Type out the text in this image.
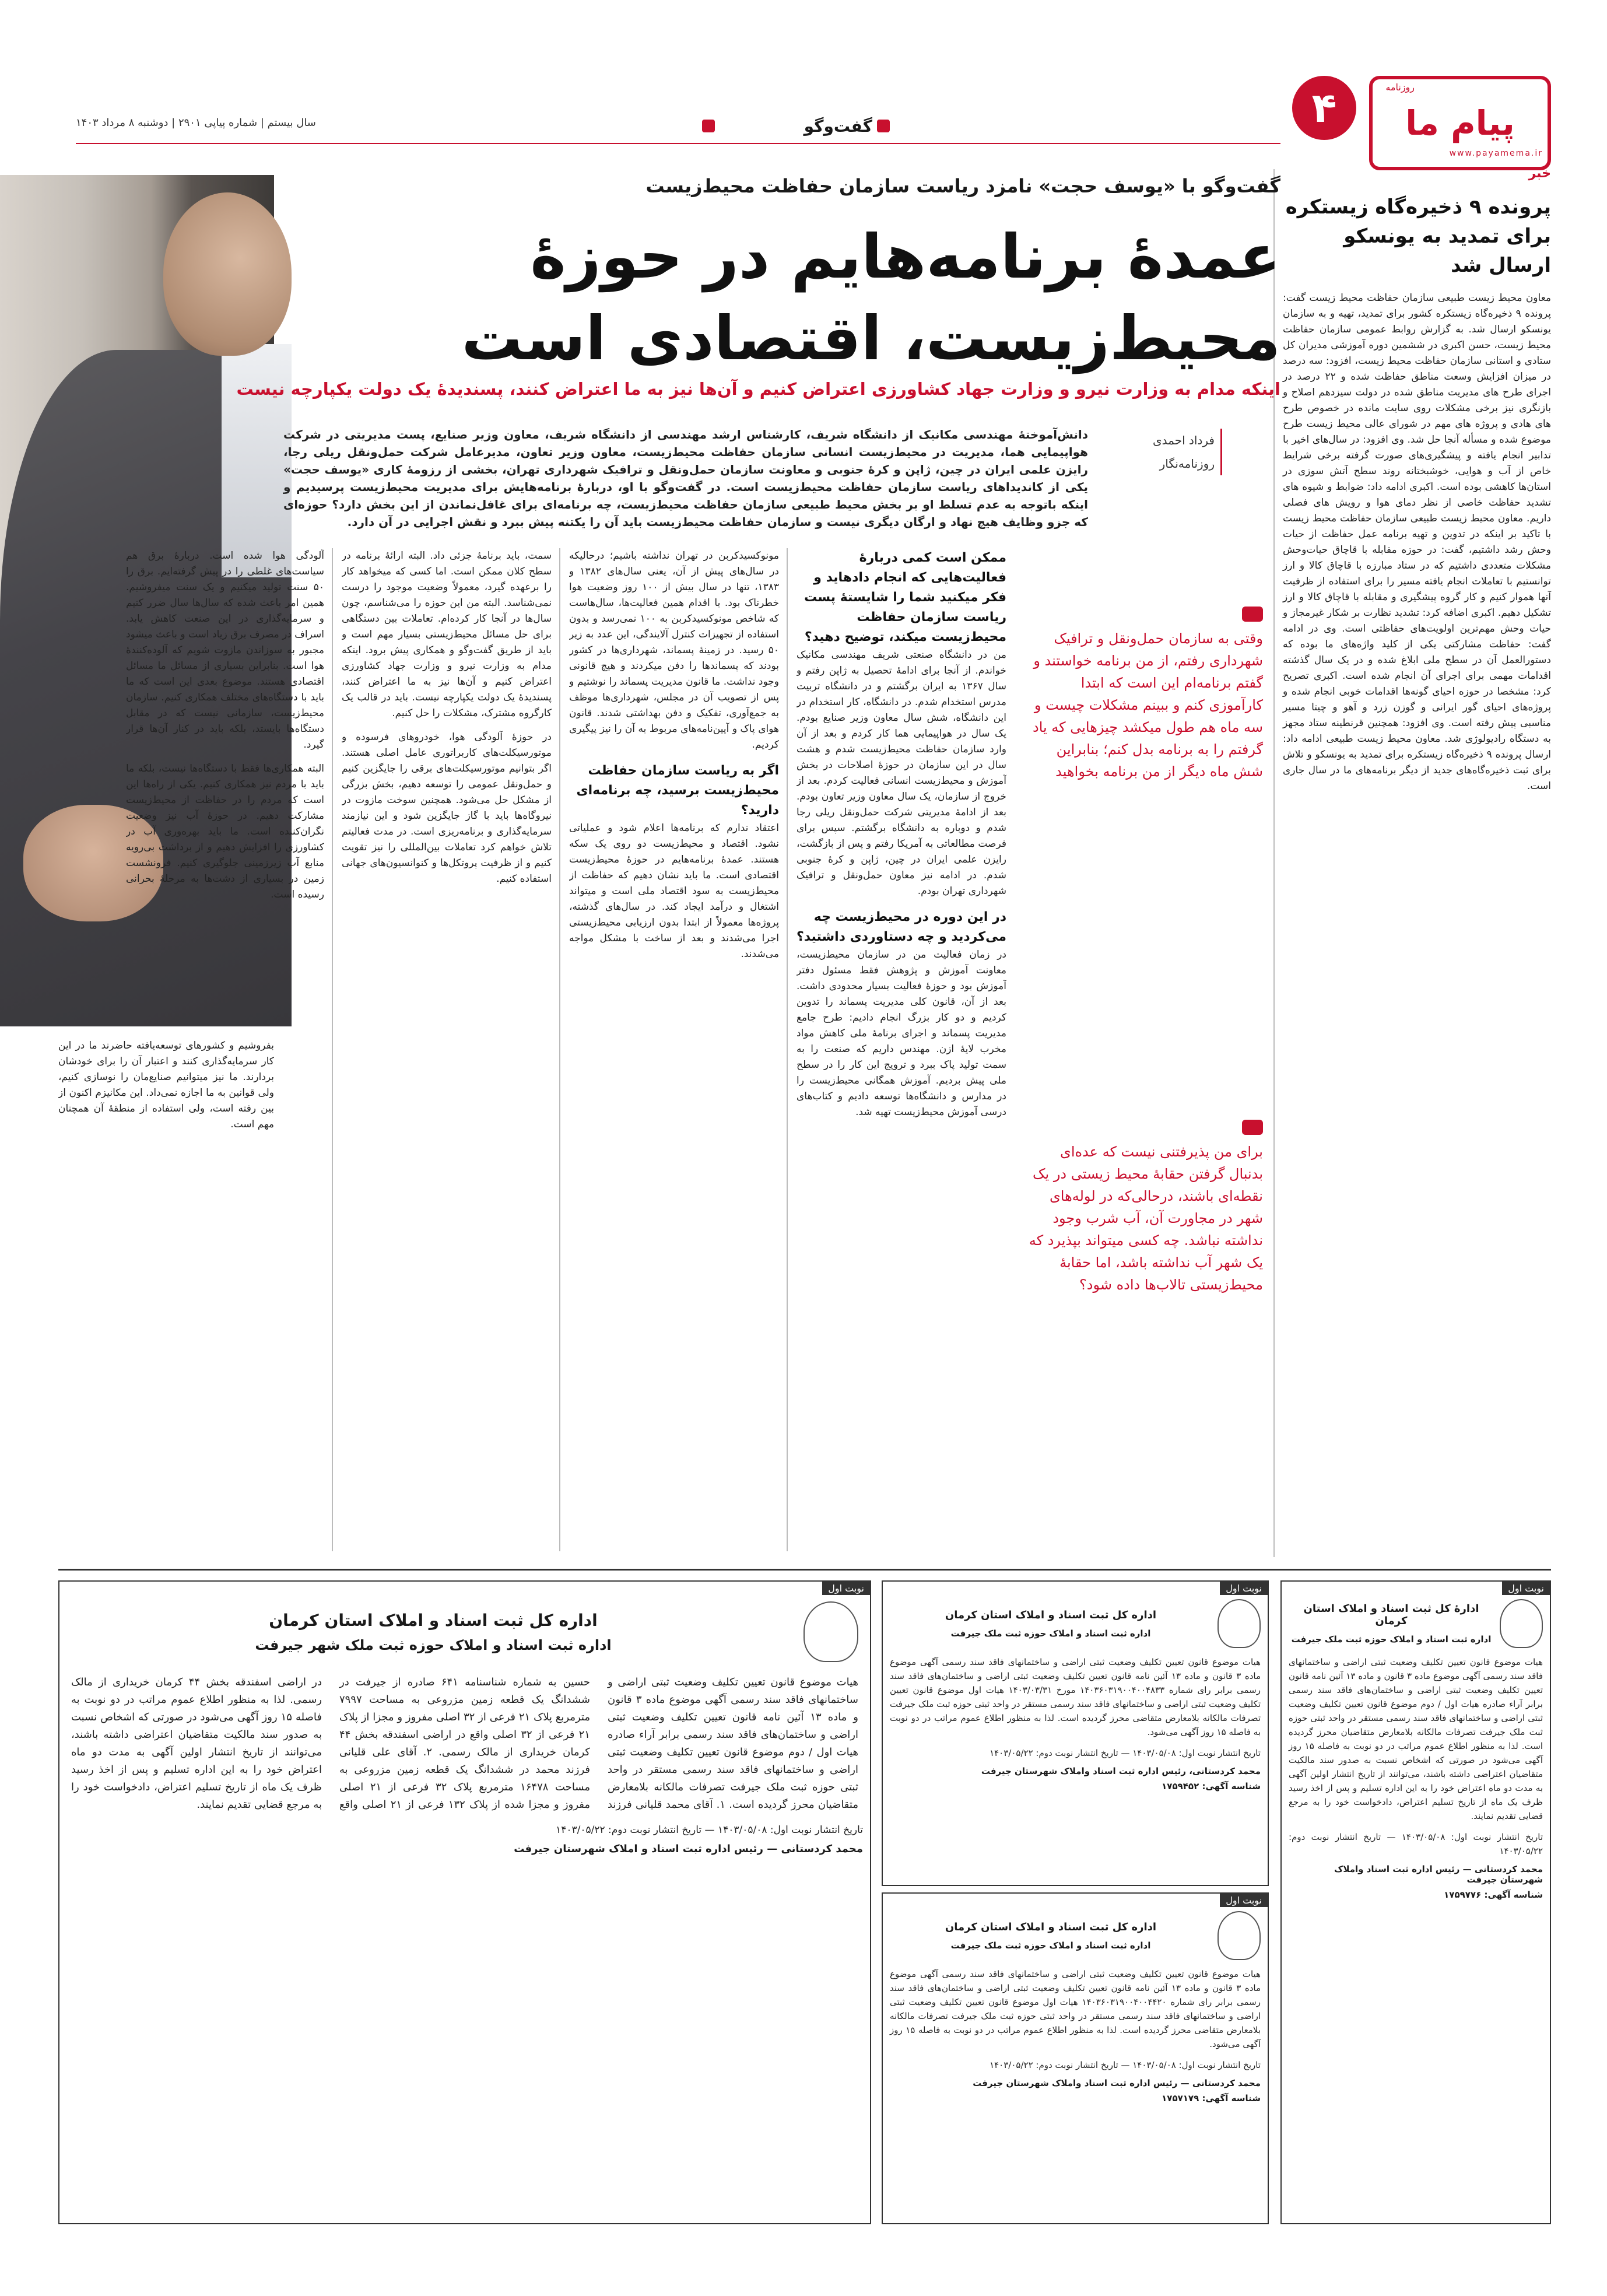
پیام ما
روزنامه
www.payamema.ir
۴
گفت‌وگو
سال بیستم | شماره پیاپی ۲۹۰۱ | دوشنبه ۸ مرداد ۱۴۰۳
خبر
پرونده ۹ ذخیره‌گاه زیستکره برای تمدید به یونسکو ارسال شد
معاون محیط زیست طبیعی سازمان حفاظت محیط زیست گفت: پرونده ۹ ذخیره‌گاه زیستکره کشور برای تمدید، تهیه و به سازمان یونسکو ارسال شد. به گزارش روابط عمومی سازمان حفاظت محیط زیست، حسن اکبری در ششمین دوره آموزشی مدیران کل ستادی و استانی سازمان حفاظت محیط زیست، افزود: سه درصد در میزان افزایش وسعت مناطق حفاظت شده و ۲۲ درصد در اجرای طرح های مدیریت مناطق شده در دولت سیزدهم اصلاح و بازنگری نیز برخی مشکلات روی سایت مانده در خصوص طرح های هادی و پروژه های مهم در شورای عالی محیط زیست طرح موضوع شده و مسأله آنجا حل شد. وی افزود: در سال‌های اخیر با تدابیر انجام یافته و پیشگیری‌های صورت گرفته برخی شرایط خاص از آب و هوایی، خوشبختانه روند سطح آتش سوزی در استان‌ها کاهشی بوده است. اکبری ادامه داد: ضوابط و شیوه های تشدید حفاظت خاصی از نظر دمای هوا و رویش های فصلی داریم. معاون محیط زیست طبیعی سازمان حفاظت محیط زیست با تاکید بر اینکه در تدوین و تهیه برنامه عمل حفاظت از حیات وحش رشد داشتیم، گفت: در حوزه مقابله با قاچاق حیات‌وحش مشکلات متعددی داشتیم که در ستاد مبارزه با قاچاق کالا و ارز توانستیم با تعاملات انجام یافته مسیر را برای استفاده از ظرفیت آنها هموار کنیم و کار گروه پیشگیری و مقابله با قاچاق کالا و ارز تشکیل دهیم. اکبری اضافه کرد: تشدید نظارت بر شکار غیرمجاز و حیات وحش مهم‌ترین اولویت‌های حفاظتی است. وی در ادامه گفت: حفاظت مشارکتی یکی از کلید واژه‌های ما بوده که دستورالعمل آن در سطح ملی ابلاغ شده و در یک سال گذشته اقدامات مهمی برای اجرای آن انجام شده است. اکبری تصریح کرد: مشخصا در حوزه احیای گونه‌ها اقدامات خوبی انجام شده و پروژه‌های احیای گور ایرانی و گوزن زرد و آهو و چیتا مسیر مناسبی پیش رفته است. وی افزود: همچنین قرنطینه ستاد مجهز به دستگاه رادیولوژی شد. معاون محیط زیست طبیعی ادامه داد: ارسال پرونده ۹ ذخیره‌گاه زیستکره برای تمدید به یونسکو و تلاش برای ثبت ذخیره‌گاه‌های جدید از دیگر برنامه‌های ما در سال جاری است.
گفت‌وگو با «یوسف حجت» نامزد ریاست سازمان حفاظت محیط‌زیست
عمدهٔ برنامه‌هایم در حوزهٔ محیط‌زیست، اقتصادی است
اینکه مدام به وزارت نیرو و وزارت جهاد کشاورزی اعتراض کنیم و آن‌ها نیز به ما اعتراض کنند، پسندیدهٔ یک دولت یکپارچه نیست
فرداد احمدی
روزنامه‌نگار
دانش‌آموختهٔ مهندسی مکانیک از دانشگاه شریف، کارشناس ارشد مهندسی از دانشگاه شریف، معاون وزیر صنایع، پست مدیریتی در شرکت هواپیمایی هما، مدیریت در محیط‌زیست انسانی سازمان حفاظت محیط‌زیست، معاون وزیر تعاون، مدیرعامل شرکت حمل‌ونقل ریلی رجا، رایزن علمی ایران در چین، ژاپن و کرهٔ جنوبی و معاونت سازمان حمل‌ونقل و ترافیک شهرداری تهران، بخشی از رزومهٔ کاری «یوسف حجت» یکی از کاندیداهای ریاست سازمان حفاظت محیط‌زیست است. در گفت‌وگو با او، دربارهٔ برنامه‌هایش برای مدیریت محیط‌زیست پرسیدیم و اینکه باتوجه به عدم تسلط او بر بخش محیط طبیعی سازمان حفاظت محیط‌زیست، چه برنامه‌ای برای غافل‌نماندن از این بخش دارد؟ حوزه‌ای که جزو وظایف هیچ نهاد و ارگان دیگری نیست و سازمان حفاظت محیط‌زیست باید آن را یکتنه پیش ببرد و نقش اجرایی در آن دارد.
وقتی به سازمان حمل‌ونقل و ترافیک شهرداری رفتم، از من برنامه خواستند و گفتم برنامه‌ام این است که ابتدا کارآموزی کنم و ببینم مشکلات چیست و سه ماه هم طول میکشد چیزهایی که یاد گرفتم را به برنامه بدل کنم؛ بنابراین شش ماه دیگر از من برنامه بخواهید
برای من پذیرفتنی نیست که عده‌ای بدنبال گرفتن حقابهٔ محیط زیستی در یک نقطه‌ای باشند، درحالی‌که در لوله‌های شهر در مجاورت آن، آب شرب وجود نداشته نباشد. چه کسی میتواند بپذیرد که یک شهر آب نداشته باشد، اما حقابهٔ محیط‌زیستی تالاب‌ها داده شود؟
ممکن است کمی دربارهٔ فعالیت‌هایی که انجام دادهاید و فکر میکنید شما را شایستهٔ پست ریاست سازمان حفاظت محیط‌زیست میکند، توضیح دهید؟
من در دانشگاه صنعتی شریف مهندسی مکانیک خواندم. از آنجا برای ادامهٔ تحصیل به ژاپن رفتم و سال ۱۳۶۷ به ایران برگشتم و در دانشگاه تربیت مدرس استخدام شدم. در دانشگاه، کار استخدام در این دانشگاه، شش سال معاون وزیر صنایع بودم. یک سال در هواپیمایی هما کار کردم و بعد از آن وارد سازمان حفاظت محیط‌زیست شدم و هشت سال در این سازمان در حوزهٔ اصلاحات در بخش آموزش و محیط‌زیست انسانی فعالیت کردم. بعد از خروج از سازمان، یک سال معاون وزیر تعاون بودم. بعد از ادامهٔ مدیریتی شرکت حمل‌ونقل ریلی رجا شدم و دوباره به دانشگاه برگشتم. سپس برای فرصت مطالعاتی به آمریکا رفتم و پس از بازگشت، رایزن علمی ایران در چین، ژاپن و کرهٔ جنوبی شدم. در ادامه نیز معاون حمل‌ونقل و ترافیک شهرداری تهران بودم.
در این دوره در محیط‌زیست چه می‌کردید و چه دستاوردی داشتید؟
در زمان فعالیت من در سازمان محیط‌زیست، معاونت آموزش و پژوهش فقط مسئول دفتر آموزش بود و حوزهٔ فعالیت بسیار محدودی داشت. بعد از آن، قانون کلی مدیریت پسماند را تدوین کردیم و دو کار بزرگ انجام دادیم: طرح جامع مدیریت پسماند و اجرای برنامهٔ ملی کاهش مواد مخرب لایهٔ ازن. مهندس داریم که صنعت را به سمت تولید پاک ببرد و ترویج این کار را در سطح ملی پیش بردیم. آموزش همگانی محیط‌زیست را در مدارس و دانشگاه‌ها توسعه دادیم و کتاب‌های درسی آموزش محیط‌زیست تهیه شد.
مونوکسیدکربن در تهران نداشته باشیم؛ درحالیکه در سال‌های پیش از آن، یعنی سال‌های ۱۳۸۲ و ۱۳۸۳، تنها در سال بیش از ۱۰۰ روز وضعیت هوا خطرناک بود. با اقدام همین فعالیت‌ها، سال‌هاست که شاخص مونوکسیدکربن به ۱۰۰ نمی‌رسد و بدون استفاده از تجهیزات کنترل آلایندگی، این عدد به زیر ۵۰ رسید. در زمینهٔ پسماند، شهرداری‌ها در کشور بودند که پسماندها را دفن میکردند و هیچ قانونی وجود نداشت. ما قانون مدیریت پسماند را نوشتیم و پس از تصویب آن در مجلس، شهرداری‌ها موظف به جمع‌آوری، تفکیک و دفن بهداشتی شدند. قانون هوای پاک و آیین‌نامه‌های مربوط به آن را نیز پیگیری کردیم.
اگر به ریاست سازمان حفاظت محیط‌زیست برسید، چه برنامه‌ای دارید؟
اعتقاد ندارم که برنامه‌ها اعلام شود و عملیاتی نشود. اقتصاد و محیط‌زیست دو روی یک سکه هستند. عمدهٔ برنامه‌هایم در حوزهٔ محیط‌زیست اقتصادی است. ما باید نشان دهیم که حفاظت از محیط‌زیست به سود اقتصاد ملی است و میتواند اشتغال و درآمد ایجاد کند. در سال‌های گذشته، پروژه‌ها معمولاً از ابتدا بدون ارزیابی محیط‌زیستی اجرا می‌شدند و بعد از ساخت با مشکل مواجه می‌شدند.
سمت، باید برنامهٔ جزئی داد. البته ارائهٔ برنامه در سطح کلان ممکن است. اما کسی که میخواهد کار را برعهده گیرد، معمولاً وضعیت موجود را درست نمی‌شناسد. البته من این حوزه را می‌شناسم، چون سال‌ها در آنجا کار کرده‌ام. تعاملات بین دستگاهی برای حل مسائل محیط‌زیستی بسیار مهم است و باید از طریق گفت‌وگو و همکاری پیش برود. اینکه مدام به وزارت نیرو و وزارت جهاد کشاورزی اعتراض کنیم و آن‌ها نیز به ما اعتراض کنند، پسندیدهٔ یک دولت یکپارچه نیست. باید در قالب یک کارگروه مشترک، مشکلات را حل کنیم.
در حوزهٔ آلودگی هوا، خودروهای فرسوده و موتورسیکلت‌های کاربراتوری عامل اصلی هستند. اگر بتوانیم موتورسیکلت‌های برقی را جایگزین کنیم و حمل‌ونقل عمومی را توسعه دهیم، بخش بزرگی از مشکل حل می‌شود. همچنین سوخت مازوت در نیروگاه‌ها باید با گاز جایگزین شود و این نیازمند سرمایه‌گذاری و برنامه‌ریزی است. در مدت فعالیتم تلاش خواهم کرد تعاملات بین‌المللی را نیز تقویت کنیم و از ظرفیت پروتکل‌ها و کنوانسیون‌های جهانی استفاده کنیم.
آلودگی هوا شده است. دربارهٔ برق هم سیاست‌های غلطی را در پیش گرفته‌ایم. برق را ۵۰ سنت تولید میکنیم و یک سنت میفروشیم. همین امر باعث شده که سال‌ها سال ضرر کنیم و سرمایه‌گذاری در این صنعت کاهش یابد. اسراف در مصرف برق زیاد است و باعث میشود مجبور به سوزاندن مازوت شویم که آلوده‌کنندهٔ هوا است. بنابراین بسیاری از مسائل ما مسائل اقتصادی هستند. موضوع بعدی این است که ما باید با دستگاه‌های مختلف همکاری کنیم. سازمان محیط‌زیست، سازمانی نیست که در مقابل دستگاه‌ها بایستد، بلکه باید در کنار آن‌ها قرار گیرد.
البته همکاری‌ها فقط با دستگاه‌ها نیست، بلکه ما باید با مردم نیز همکاری کنیم. یکی از راه‌ها این است که مردم را در حفاظت از محیط‌زیست مشارکت دهیم. در حوزهٔ آب نیز وضعیت نگران‌کننده است. ما باید بهره‌وری آب در کشاورزی را افزایش دهیم و از برداشت بی‌رویه منابع آب زیرزمینی جلوگیری کنیم. فرونشست زمین در بسیاری از دشت‌ها به مرحلهٔ بحرانی رسیده است.
بفروشیم و کشورهای توسعه‌یافته حاضرند ما در این کار سرمایه‌گذاری کنند و اعتبار آن را برای خودشان بردارند. ما نیز میتوانیم صنایع‌مان را نوسازی کنیم، ولی قوانین به ما اجازه نمی‌داد. این مکانیزم اکنون از بین رفته است، ولی استفاده از منطقهٔ آن همچنان مهم است.
نوبت اول
ادارهٔ کل ثبت اسناد و املاک استان کرمان
اداره ثبت اسناد و املاک حوزه ثبت ملک جیرفت
هیات موضوع قانون تعیین تکلیف وضعیت ثبتی اراضی و ساختمانهای فاقد سند رسمی آگهی موضوع ماده ۳ قانون و ماده ۱۳ آئین نامه قانون تعیین تکلیف وضعیت ثبتی اراضی و ساختمان‌های فاقد سند رسمی برابر آراء صادره هیات اول / دوم موضوع قانون تعیین تکلیف وضعیت ثبتی اراضی و ساختمانهای فاقد سند رسمی مستقر در واحد ثبتی حوزه ثبت ملک جیرفت تصرفات مالکانه بلامعارض متقاضیان محرز گردیده است. لذا به منظور اطلاع عموم مراتب در دو نوبت به فاصله ۱۵ روز آگهی می‌شود در صورتی که اشخاص نسبت به صدور سند مالکیت متقاضیان اعتراضی داشته باشند، می‌توانند از تاریخ انتشار اولین آگهی به مدت دو ماه اعتراض خود را به این اداره تسلیم و پس از اخذ رسید ظرف یک ماه از تاریخ تسلیم اعتراض، دادخواست خود را به مرجع قضایی تقدیم نمایند.
تاریخ انتشار نوبت اول: ۱۴۰۳/۰۵/۰۸ — تاریخ انتشار نوبت دوم: ۱۴۰۳/۰۵/۲۲
محمد کردستانی — رئیس اداره ثبت اسناد واملاک شهرستان جیرفت
شناسه آگهی: ۱۷۵۹۷۷۶
نوبت اول
اداره کل ثبت اسناد و املاک استان کرمان
اداره ثبت اسناد و املاک حوزه ثبت ملک جیرفت
هیات موضوع قانون تعیین تکلیف وضعیت ثبتی اراضی و ساختمانهای فاقد سند رسمی آگهی موضوع ماده ۳ قانون و ماده ۱۳ آئین نامه قانون تعیین تکلیف وضعیت ثبتی اراضی و ساختمان‌های فاقد سند رسمی برابر رای شماره ۱۴۰۳۶۰۳۱۹۰۰۴۰۰۴۸۳۳ مورخ ۱۴۰۳/۰۳/۳۱ هیات اول موضوع قانون تعیین تکلیف وضعیت ثبتی اراضی و ساختمانهای فاقد سند رسمی مستقر در واحد ثبتی حوزه ثبت ملک جیرفت تصرفات مالکانه بلامعارض متقاضی محرز گردیده است. لذا به منظور اطلاع عموم مراتب در دو نوبت به فاصله ۱۵ روز آگهی می‌شود.
تاریخ انتشار نوبت اول: ۱۴۰۳/۰۵/۰۸ — تاریخ انتشار نوبت دوم: ۱۴۰۳/۰۵/۲۲
محمد کردستانی، رئیس اداره ثبت اسناد واملاک شهرستان جیرفت
شناسه آگهی: ۱۷۵۹۴۵۲
نوبت اول
اداره کل ثبت اسناد و املاک استان کرمان
اداره ثبت اسناد و املاک حوزه ثبت ملک جیرفت
هیات موضوع قانون تعیین تکلیف وضعیت ثبتی اراضی و ساختمانهای فاقد سند رسمی آگهی موضوع ماده ۳ قانون و ماده ۱۳ آئین نامه قانون تعیین تکلیف وضعیت ثبتی اراضی و ساختمان‌های فاقد سند رسمی برابر رای شماره ۱۴۰۳۶۰۳۱۹۰۰۴۰۰۴۴۲۰ هیات اول موضوع قانون تعیین تکلیف وضعیت ثبتی اراضی و ساختمانهای فاقد سند رسمی مستقر در واحد ثبتی حوزه ثبت ملک جیرفت تصرفات مالکانه بلامعارض متقاضی محرز گردیده است. لذا به منظور اطلاع عموم مراتب در دو نوبت به فاصله ۱۵ روز آگهی می‌شود.
تاریخ انتشار نوبت اول: ۱۴۰۳/۰۵/۰۸ — تاریخ انتشار نوبت دوم: ۱۴۰۳/۰۵/۲۲
محمد کردستانی — رئیس اداره ثبت اسناد واملاک شهرستان جیرفت
شناسه آگهی: ۱۷۵۷۱۷۹
نوبت اول
اداره کل ثبت اسناد و املاک استان کرمان
اداره ثبت اسناد و املاک حوزه ثبت ملک شهر جیرفت
هیات موضوع قانون تعیین تکلیف وضعیت ثبتی اراضی و ساختمانهای فاقد سند رسمی آگهی موضوع ماده ۳ قانون و ماده ۱۳ آئین نامه قانون تعیین تکلیف وضعیت ثبتی اراضی و ساختمان‌های فاقد سند رسمی برابر آراء صادره هیات اول / دوم موضوع قانون تعیین تکلیف وضعیت ثبتی اراضی و ساختمانهای فاقد سند رسمی مستقر در واحد ثبتی حوزه ثبت ملک جیرفت تصرفات مالکانه بلامعارض متقاضیان محرز گردیده است. ۱. آقای محمد قلیانی فرزند حسین به شماره شناسنامه ۶۴۱ صادره از جیرفت در ششدانگ یک قطعه زمین مزروعی به مساحت ۷۹۹۷ مترمربع پلاک ۲۱ فرعی از ۳۲ اصلی مفروز و مجزا از پلاک ۲۱ فرعی از ۳۲ اصلی واقع در اراضی اسفندقه بخش ۴۴ کرمان خریداری از مالک رسمی. ۲. آقای علی قلیانی فرزند محمد در ششدانگ یک قطعه زمین مزروعی به مساحت ۱۶۴۷۸ مترمربع پلاک ۳۲ فرعی از ۲۱ اصلی مفروز و مجزا شده از پلاک ۱۳۲ فرعی از ۲۱ اصلی واقع در اراضی اسفندقه بخش ۴۴ کرمان خریداری از مالک رسمی. لذا به منظور اطلاع عموم مراتب در دو نوبت به فاصله ۱۵ روز آگهی می‌شود در صورتی که اشخاص نسبت به صدور سند مالکیت متقاضیان اعتراضی داشته باشند، می‌توانند از تاریخ انتشار اولین آگهی به مدت دو ماه اعتراض خود را به این اداره تسلیم و پس از اخذ رسید ظرف یک ماه از تاریخ تسلیم اعتراض، دادخواست خود را به مرجع قضایی تقدیم نمایند.
تاریخ انتشار نوبت اول: ۱۴۰۳/۰۵/۰۸ — تاریخ انتشار نوبت دوم: ۱۴۰۳/۰۵/۲۲
محمد کردستانی — رئیس اداره ثبت اسناد و املاک شهرستان جیرفت
